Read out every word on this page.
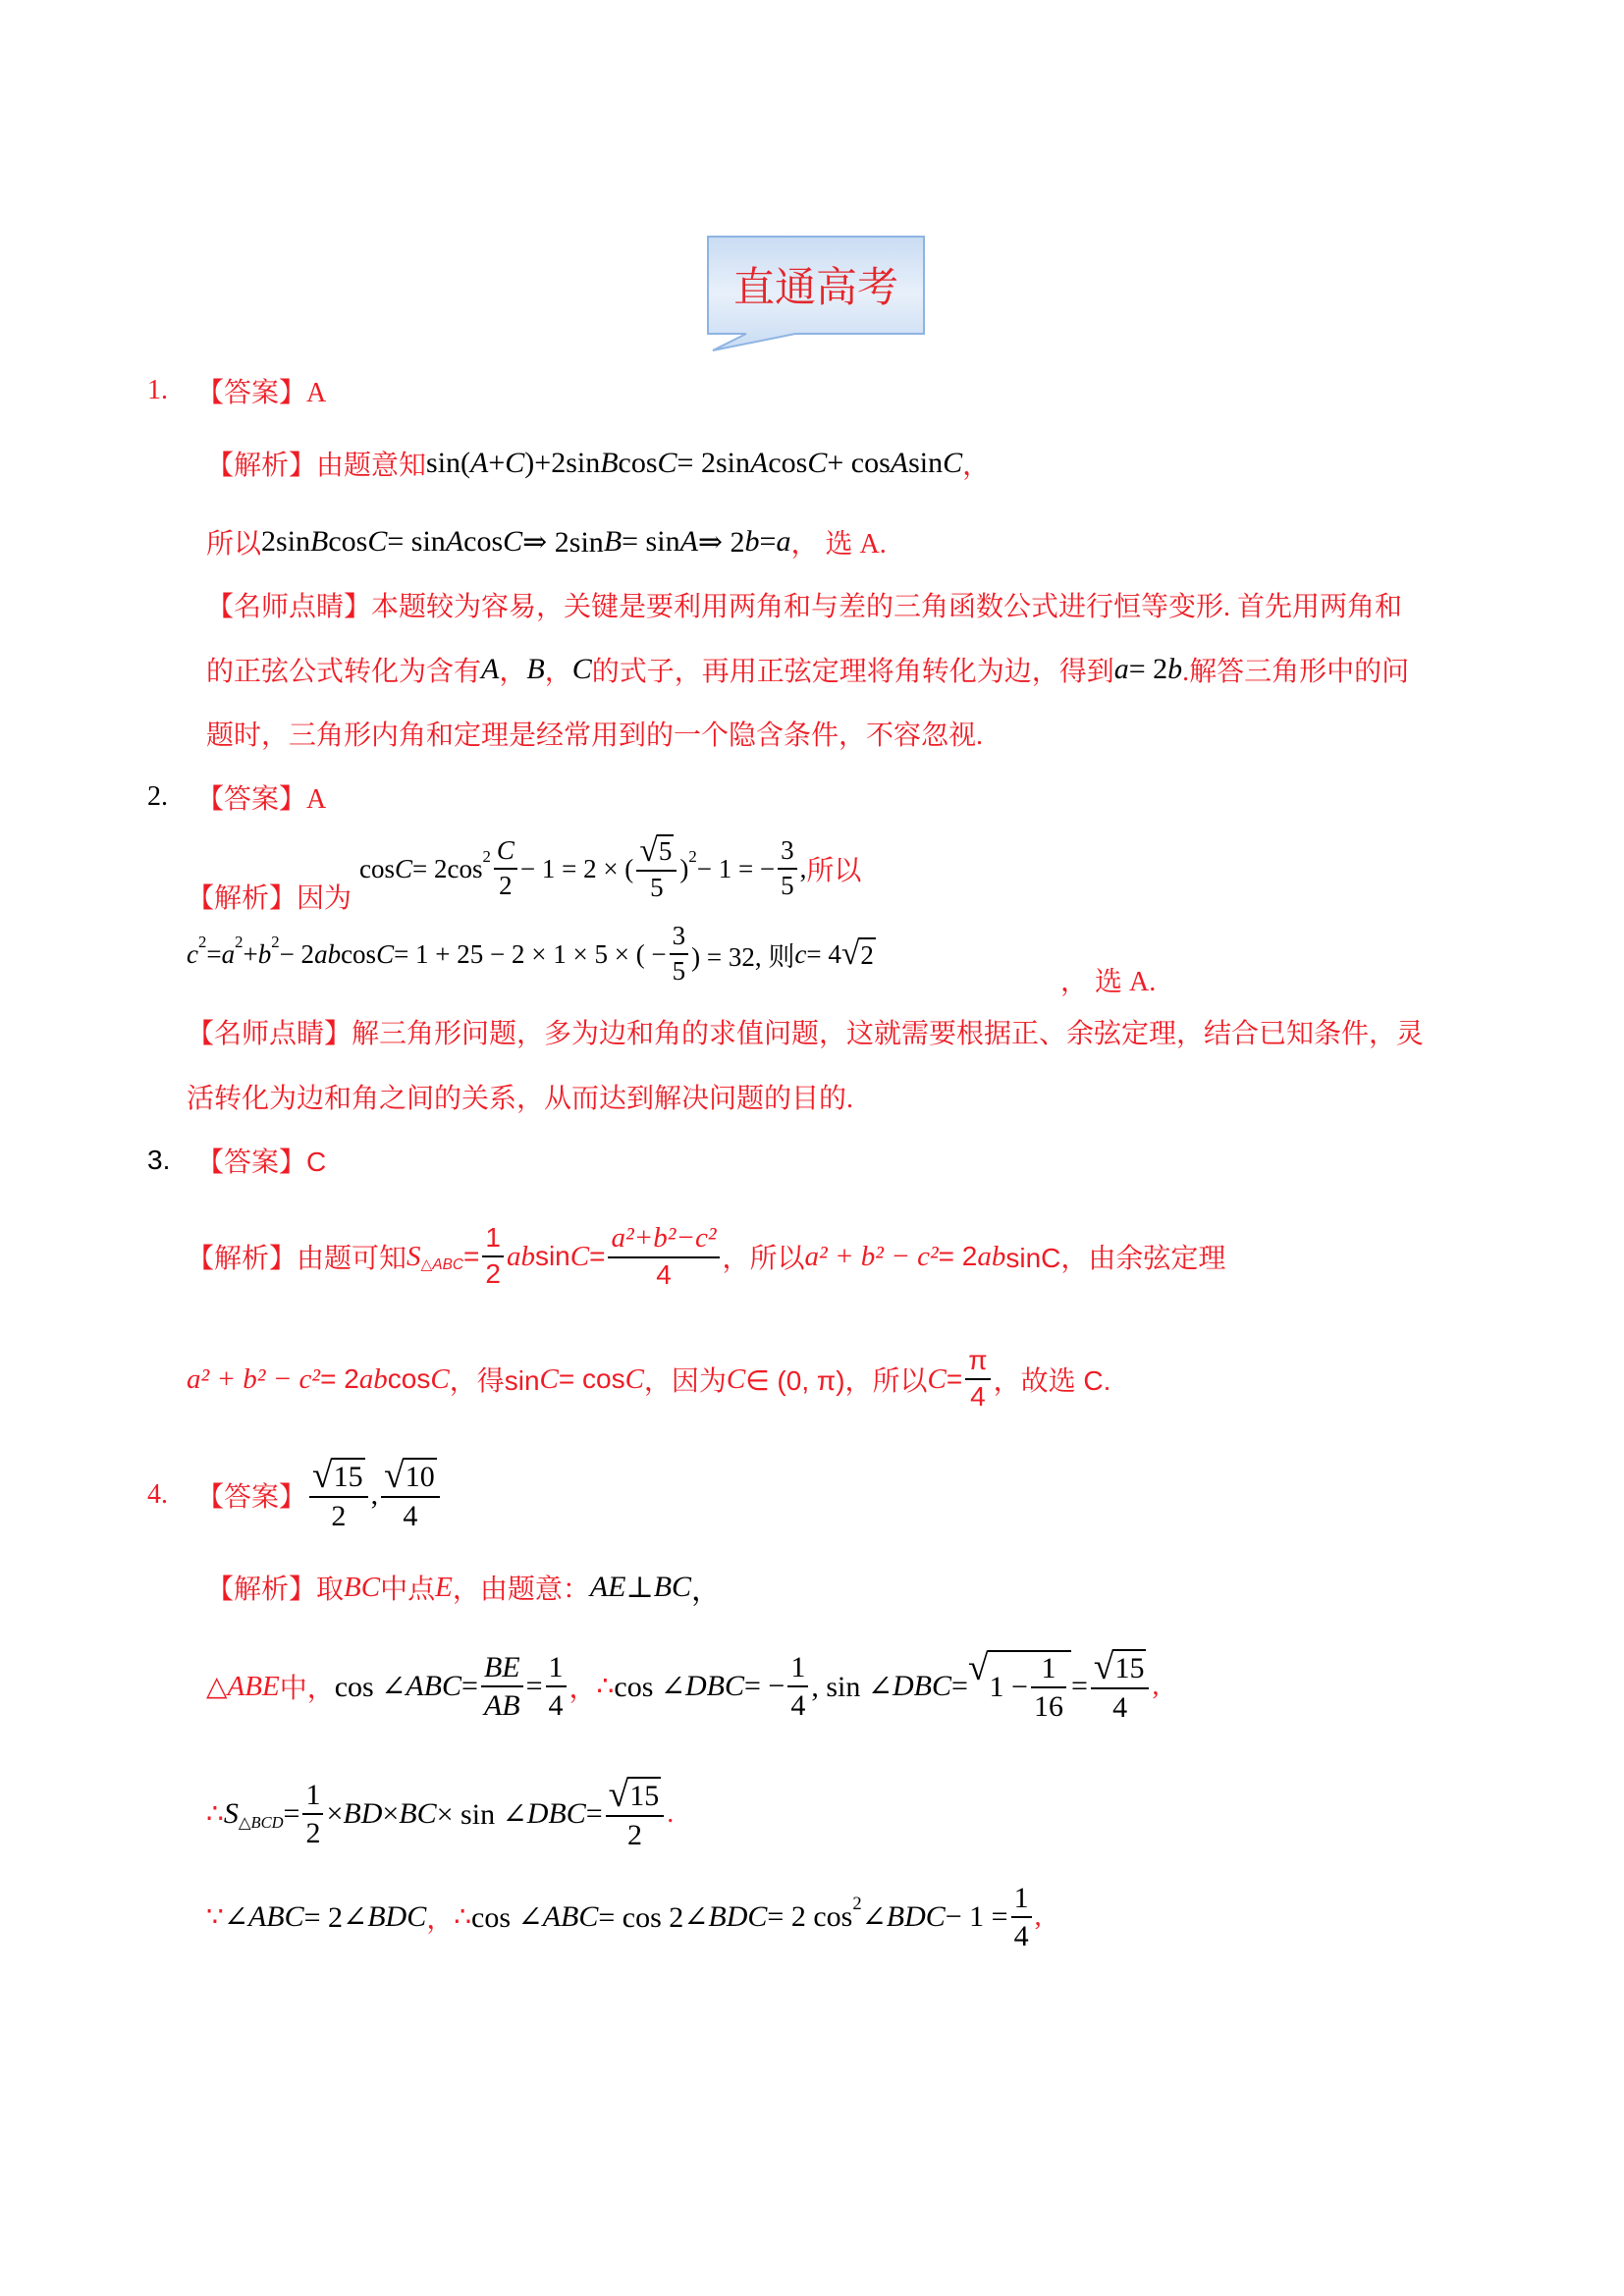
直通高考
1.	【答案】A
【解析】由题意知 sin( A + C )+2sin B cos C = 2sin A cos C + cos A sin C ，
所以 2sin B cos C = sin A cos C ⇒ 2sin B = sin A ⇒ 2 b = a ， 选 A.
【名师点睛】本题较为容易，关键是要利用两角和与差的三角函数公式进行恒等变形. 首先用两角和
的正弦公式转化为含有 A ， B ， C 的式子，再用正弦定理将角转化为边，得到 a = 2 b .解答三角形中的问
题时，三角形内角和定理是经常用到的一个隐含条件，不容忽视.
2.	【答案】A
【解析】因为
cos C = 2cos $2 \frac{C}{2} - 1 = 2$ × ( $\frac{√ 5}{5}$ ) 2 − 1 = − $\frac{3}{5}$ , 所以
c 2 = a 2 + b 2 − 2 ab cos C = 1 + 25 − 2 × 1 × 5 × ( − $\frac{3}{5}$ ) = 32, 则 c = 4 √ 2
， 选 A.
【名师点睛】解三角形问题，多为边和角的求值问题，这就需要根据正、余弦定理，结合已知条件，灵
活转化为边和角之间的关系，从而达到解决问题的目的.
3. 【答案】C
【解析】由题可知 S △ABC = $\frac{1}{2}$ ab $\sin C = \frac{\text{a²+b²−c²}}{4}$ ，所以 a² + b² − c² = 2 ab sinC，由余弦定理
a² + b² − c² = 2 ab cos C ，得sin C = cos C ，因为 C ∈ (0, π)，所以 $C = \frac{\pi}{4}$ ，故选 C.
4.	【答案】 $\frac{√ 15}{2}$ , $\frac{√ 10}{4}$
【解析】取 BC 中点 E ，由题意： AE ⊥ BC ，
△ ABE 中， cos ∠ ABC = $\frac{BE}{AB} = \frac{1}{4}$ ， ∴ cos ∠ DBC = − $\frac{1}{4}$ , sin ∠ DBC = √ $1 - \frac{1}{16} = \frac{√ 15}{4}$ ,
∴ S △BCD = $\frac{1}{2}$ × BD × BC × sin ∠ DBC = $\frac{√ 15}{2}$ .
∵ ∠ ABC = 2∠ BDC ， ∴ cos ∠ ABC = cos 2∠ BDC = 2 cos 2 ∠ BDC − $1 = \frac{1}{4}$ ,
